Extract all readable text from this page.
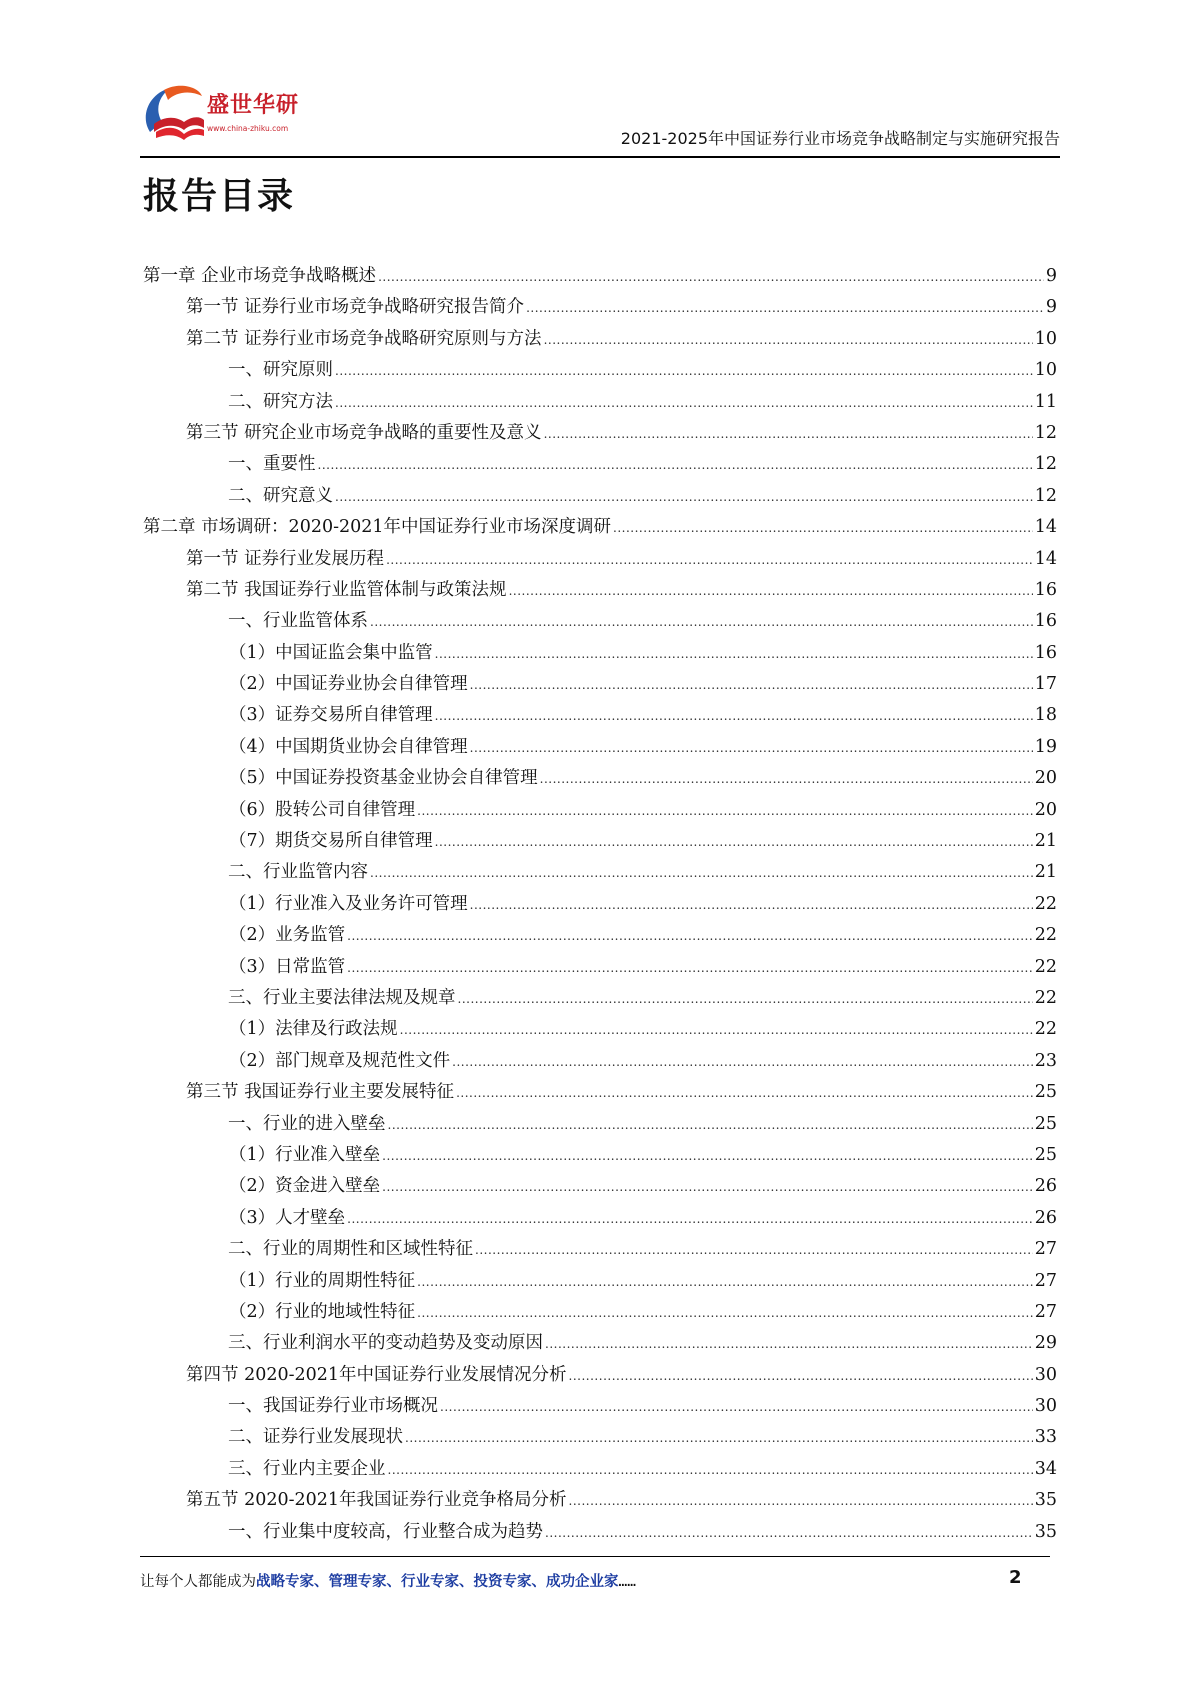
盛世华研
www.china-zhiku.com
2021-2025年中国证券行业市场竞争战略制定与实施研究报告
报告目录
第一章 企业市场竞争战略概述 .....	9
第一节 证券行业市场竞争战略研究报告简介 .....	9
第二节 证券行业市场竞争战略研究原则与方法 .....	10
一、研究原则 .....	10
二、研究方法 .....	11
第三节 研究企业市场竞争战略的重要性及意义 .....	12
一、重要性 .....	12
二、研究意义 .....	12
第二章 市场调研：2020-2021年中国证券行业市场深度调研 .....	14
第一节 证券行业发展历程 .....	14
第二节 我国证券行业监管体制与政策法规 .....	16
一、行业监管体系 .....	16
（1）中国证监会集中监管 .....	16
（2）中国证券业协会自律管理 .....	17
（3）证券交易所自律管理 .....	18
（4）中国期货业协会自律管理 .....	19
（5）中国证券投资基金业协会自律管理 .....	20
（6）股转公司自律管理 .....	20
（7）期货交易所自律管理 .....	21
二、行业监管内容 .....	21
（1）行业准入及业务许可管理 .....	22
（2）业务监管 .....	22
（3）日常监管 .....	22
三、行业主要法律法规及规章 .....	22
（1）法律及行政法规 .....	22
（2）部门规章及规范性文件 .....	23
第三节 我国证券行业主要发展特征 .....	25
一、行业的进入壁垒 .....	25
（1）行业准入壁垒 .....	25
（2）资金进入壁垒 .....	26
（3）人才壁垒 .....	26
二、行业的周期性和区域性特征 .....	27
（1）行业的周期性特征 .....	27
（2）行业的地域性特征 .....	27
三、行业利润水平的变动趋势及变动原因 .....	29
第四节 2020-2021年中国证券行业发展情况分析 .....	30
一、我国证券行业市场概况 .....	30
二、证券行业发展现状 .....	33
三、行业内主要企业 .....	34
第五节 2020-2021年我国证券行业竞争格局分析 .....	35
一、行业集中度较高，行业整合成为趋势 .....	35
让每个人都能成为战略专家、管理专家、行业专家、投资专家、成功企业家……	2
